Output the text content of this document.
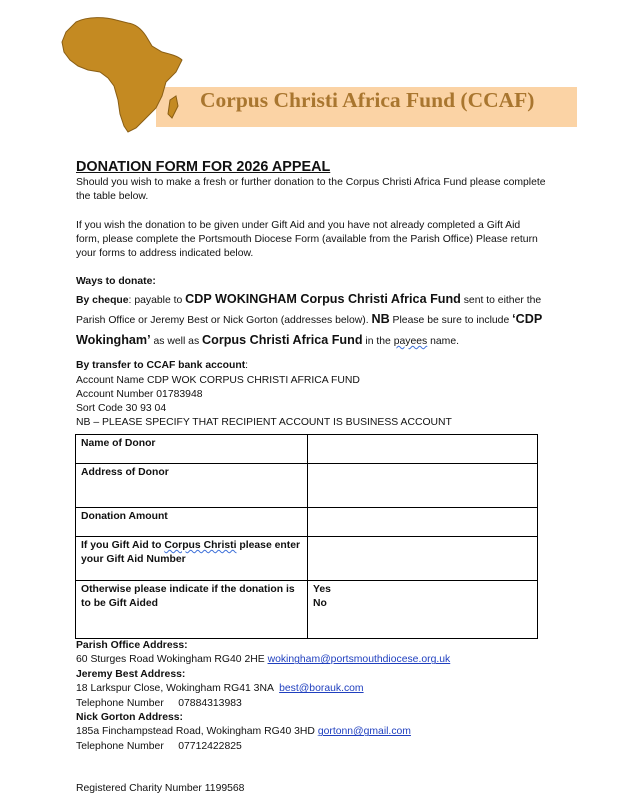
Corpus Christi Africa Fund (CCAF)

DONATION FORM FOR 2026 APPEAL

Should you wish to make a fresh or further donation to the Corpus Christi Africa Fund please complete the table below.

If you wish the donation to be given under Gift Aid and you have not already completed a Gift Aid form, please complete the Portsmouth Diocese Form (available from the Parish Office) Please return your forms to address indicated below.

Ways to donate:

By cheque: payable to CDP WOKINGHAM Corpus Christi Africa Fund sent to either the Parish Office or Jeremy Best or Nick Gorton (addresses below). NB Please be sure to include ‘CDP Wokingham’ as well as Corpus Christi Africa Fund in the payees name.

By transfer to CCAF bank account:

Account Name CDP WOK CORPUS CHRISTI AFRICA FUND

Account Number 01783948

Sort Code 30 93 04

NB – PLEASE SPECIFY THAT RECIPIENT ACCOUNT IS BUSINESS ACCOUNT

Name of Donor	
Address of Donor	
Donation Amount	
If you Gift Aid to Corpus Christi please enter your Gift Aid Number	
Otherwise please indicate if the donation is to be Gift Aided	Yes
No

Parish Office Address:

60 Sturges Road Wokingham RG40 2HE wokingham@portsmouthdiocese.org.uk

Jeremy Best Address:

18 Larkspur Close, Wokingham RG41 3NA  best@borauk.com

Telephone Number     07884313983

Nick Gorton Address:

185a Finchampstead Road, Wokingham RG40 3HD gortonn@gmail.com

Telephone Number     07712422825

Registered Charity Number 1199568
